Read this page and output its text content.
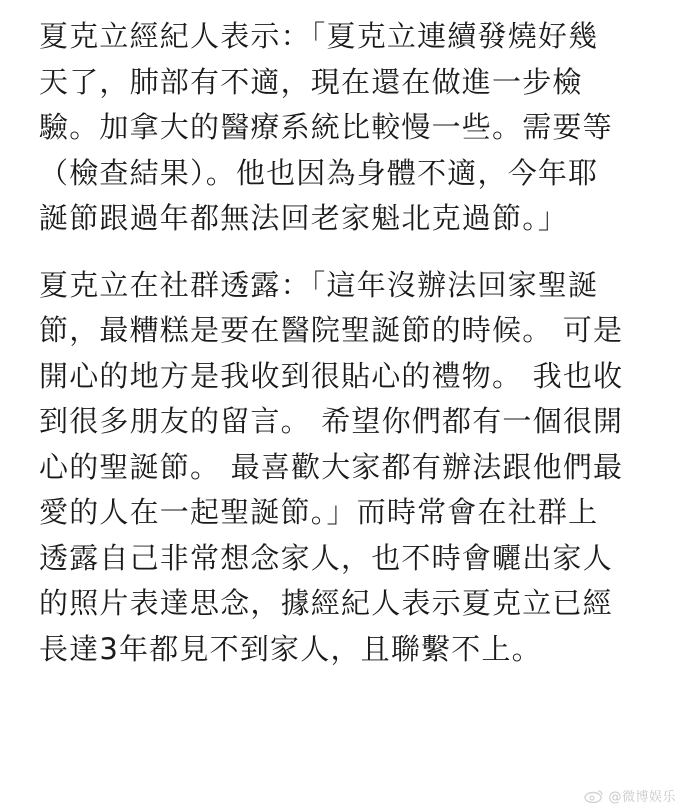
夏克立經紀人表示：「夏克立連續發燒好幾
天了，肺部有不適，現在還在做進一步檢
驗。加拿大的醫療系統比較慢一些。需要等
（檢查結果）。他也因為身體不適，今年耶
誕節跟過年都無法回老家魁北克過節。」

夏克立在社群透露：「這年沒辦法回家聖誕
節，最糟糕是要在醫院聖誕節的時候。 可是
開心的地方是我收到很貼心的禮物。 我也收
到很多朋友的留言。 希望你們都有一個很開
心的聖誕節。 最喜歡大家都有辦法跟他們最
愛的人在一起聖誕節。」而時常會在社群上
透露自己非常想念家人，也不時會曬出家人
的照片表達思念，據經紀人表示夏克立已經
長達3年都見不到家人，且聯繫不上。

@微博娱乐
